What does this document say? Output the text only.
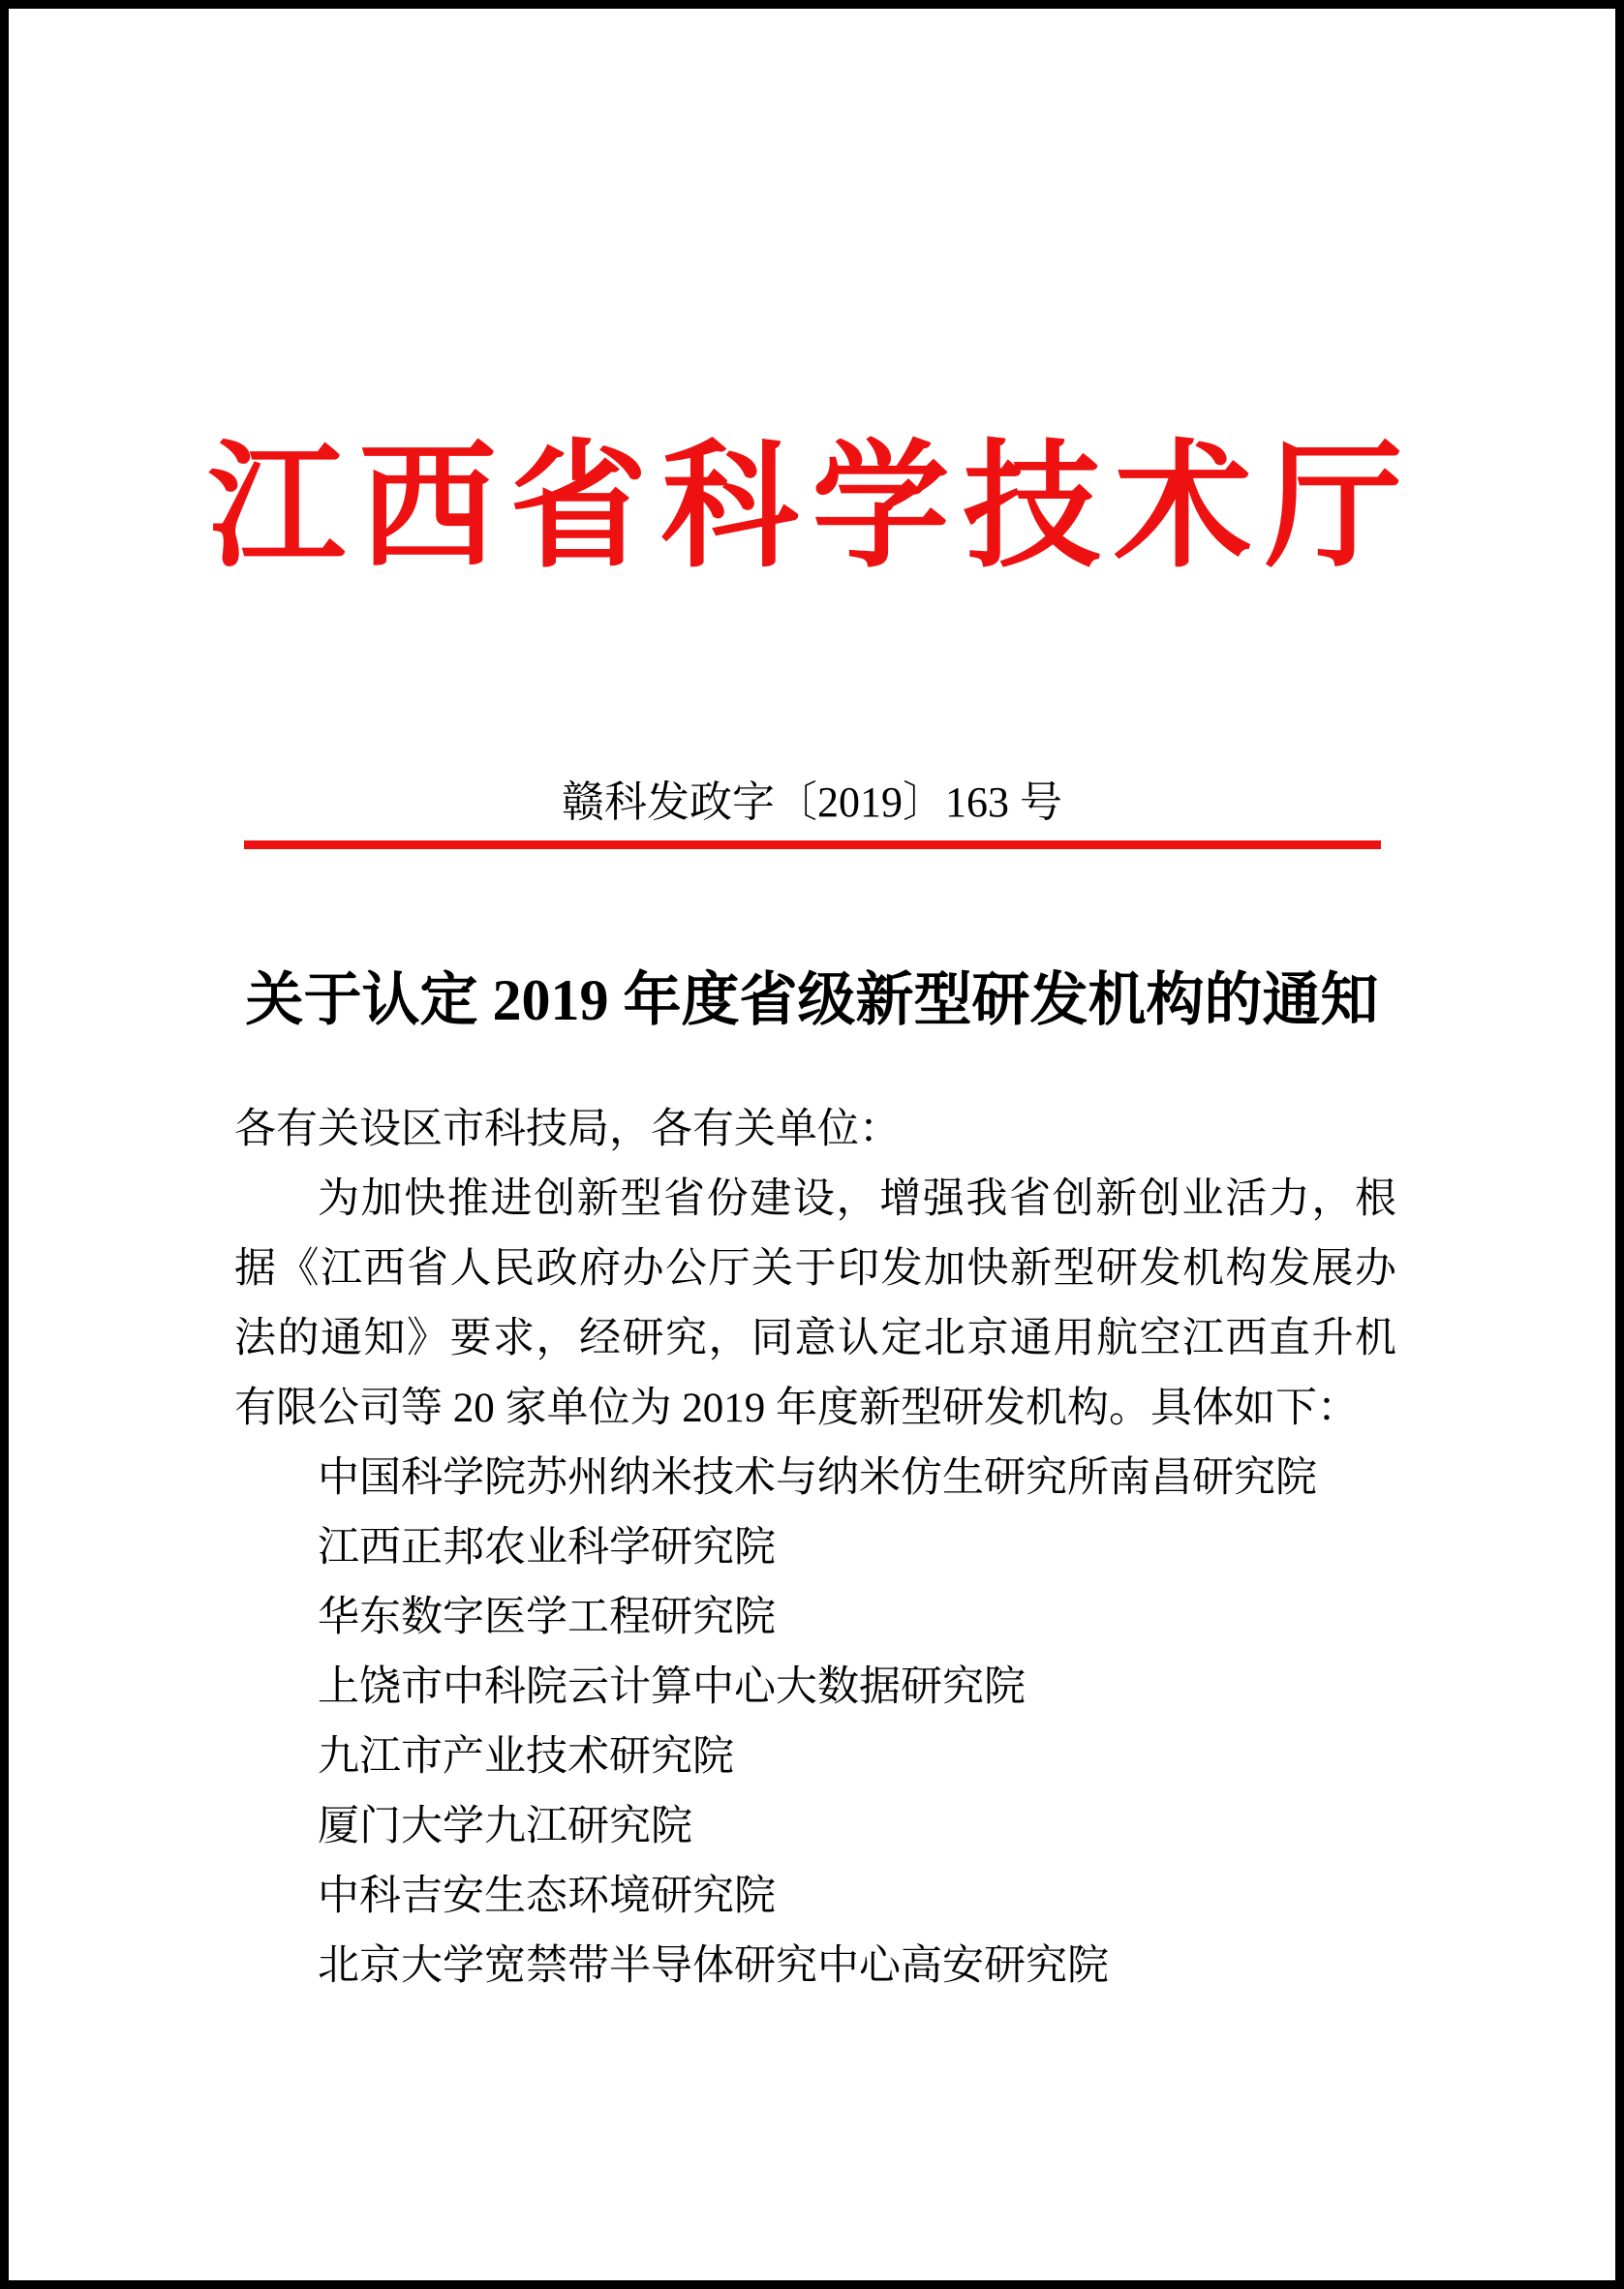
江西省科学技术厅
赣科发政字〔2019〕163 号
关于认定 2019 年度省级新型研发机构的通知
各有关设区市科技局，各有关单位：

为加快推进创新型省份建设，增强我省创新创业活力，根据《江西省人民政府办公厅关于印发加快新型研发机构发展办法的通知》要求，经研究，同意认定北京通用航空江西直升机有限公司等 20 家单位为 2019 年度新型研发机构。具体如下：

中国科学院苏州纳米技术与纳米仿生研究所南昌研究院
江西正邦农业科学研究院
华东数字医学工程研究院
上饶市中科院云计算中心大数据研究院
九江市产业技术研究院
厦门大学九江研究院
中科吉安生态环境研究院
北京大学宽禁带半导体研究中心高安研究院
